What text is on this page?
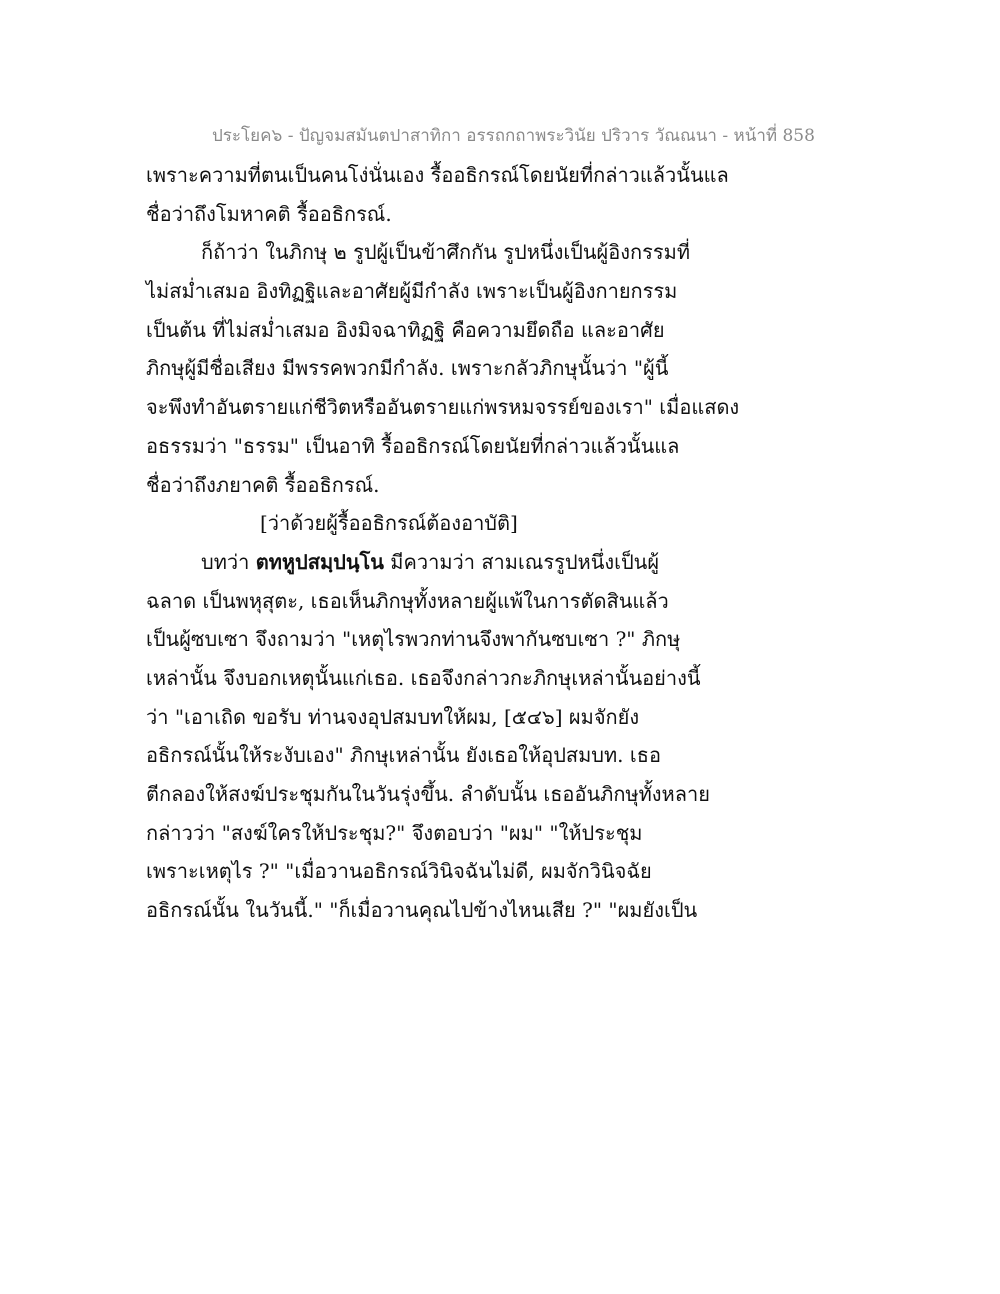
ประโยค๖ - ปัญจมสมันตปาสาทิกา อรรถกถาพระวินัย ปริวาร วัณณนา - หน้าที่ 858
เพราะความที่ตนเป็นคนโง่นั่นเอง รื้ออธิกรณ์โดยนัยที่กล่าวแล้วนั้นแล
ชื่อว่าถึงโมหาคติ รื้ออธิกรณ์.
ก็ถ้าว่า ในภิกษุ ๒ รูปผู้เป็นข้าศึกกัน รูปหนึ่งเป็นผู้อิงกรรมที่
ไม่สม่ำเสมอ อิงทิฏฐิและอาศัยผู้มีกำลัง เพราะเป็นผู้อิงกายกรรม
เป็นต้น ที่ไม่สม่ำเสมอ อิงมิจฉาทิฏฐิ คือความยึดถือ และอาศัย
ภิกษุผู้มีชื่อเสียง มีพรรคพวกมีกำลัง. เพราะกลัวภิกษุนั้นว่า "ผู้นี้
จะพึงทำอันตรายแก่ชีวิตหรืออันตรายแก่พรหมจรรย์ของเรา" เมื่อแสดง
อธรรมว่า "ธรรม" เป็นอาทิ รื้ออธิกรณ์โดยนัยที่กล่าวแล้วนั้นแล
ชื่อว่าถึงภยาคติ รื้ออธิกรณ์.
[ว่าด้วยผู้รื้ออธิกรณ์ต้องอาบัติ]
บทว่า ตทหูปสมฺปนฺโน มีความว่า สามเณรรูปหนึ่งเป็นผู้
ฉลาด เป็นพหุสุตะ, เธอเห็นภิกษุทั้งหลายผู้แพ้ในการตัดสินแล้ว
เป็นผู้ซบเซา จึงถามว่า "เหตุไรพวกท่านจึงพากันซบเซา ?" ภิกษุ
เหล่านั้น จึงบอกเหตุนั้นแก่เธอ. เธอจึงกล่าวกะภิกษุเหล่านั้นอย่างนี้
ว่า "เอาเถิด ขอรับ ท่านจงอุปสมบทให้ผม, [๕๔๖] ผมจักยัง
อธิกรณ์นั้นให้ระงับเอง" ภิกษุเหล่านั้น ยังเธอให้อุปสมบท. เธอ
ตีกลองให้สงฆ์ประชุมกันในวันรุ่งขึ้น. ลำดับนั้น เธออันภิกษุทั้งหลาย
กล่าวว่า "สงฆ์ใครให้ประชุม?" จึงตอบว่า "ผม" "ให้ประชุม
เพราะเหตุไร ?" "เมื่อวานอธิกรณ์วินิจฉันไม่ดี, ผมจักวินิจฉัย
อธิกรณ์นั้น ในวันนี้." "ก็เมื่อวานคุณไปข้างไหนเสีย ?" "ผมยังเป็น
